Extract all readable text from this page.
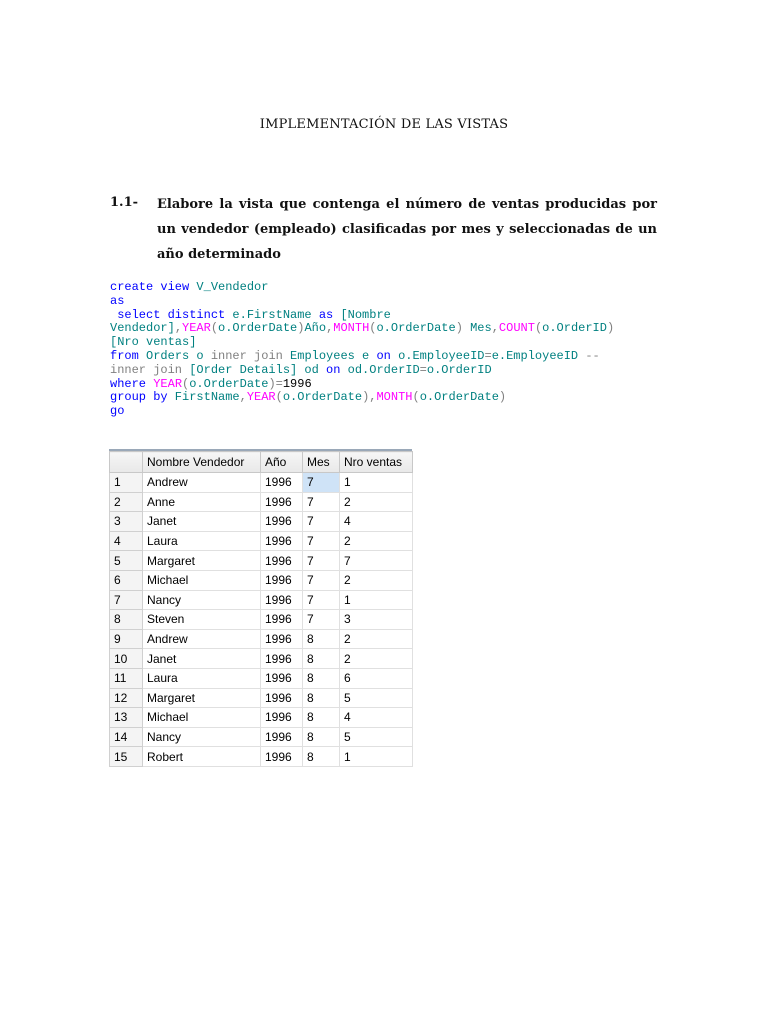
IMPLEMENTACIÓN DE LAS VISTAS
1.1- Elabore la vista que contenga el número de ventas producidas por un vendedor (empleado) clasificadas por mes y seleccionadas de un año determinado
create view V_Vendedor
as
select distinct e.FirstName as [Nombre
Vendedor],YEAR(o.OrderDate)Año,MONTH(o.OrderDate) Mes,COUNT(o.OrderID)
[Nro ventas]
from Orders o inner join Employees e on o.EmployeeID=e.EmployeeID --
inner join [Order Details] od on od.OrderID=o.OrderID
where YEAR(o.OrderDate)=1996
group by FirstName,YEAR(o.OrderDate),MONTH(o.OrderDate)
go
	Nombre Vendedor	Año	Mes	Nro ventas
1	Andrew	1996	7	1
2	Anne	1996	7	2
3	Janet	1996	7	4
4	Laura	1996	7	2
5	Margaret	1996	7	7
6	Michael	1996	7	2
7	Nancy	1996	7	1
8	Steven	1996	7	3
9	Andrew	1996	8	2
10	Janet	1996	8	2
11	Laura	1996	8	6
12	Margaret	1996	8	5
13	Michael	1996	8	4
14	Nancy	1996	8	5
15	Robert	1996	8	1
